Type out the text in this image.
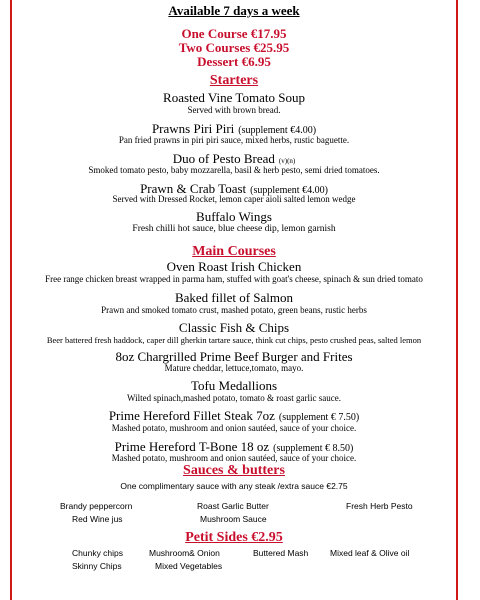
Available 7 days a week
One Course €17.95
Two Courses €25.95
Dessert €6.95
Starters
Roasted Vine Tomato Soup
Served with brown bread.
Prawns Piri Piri (supplement €4.00)
Pan fried prawns in piri piri sauce, mixed herbs, rustic baguette.
Duo of Pesto Bread (v)(n)
Smoked tomato pesto, baby mozzarella, basil & herb pesto, semi dried tomatoes.
Prawn & Crab Toast (supplement €4.00)
Served with Dressed Rocket, lemon caper aioli salted lemon wedge
Buffalo Wings
Fresh chilli hot sauce, blue cheese dip, lemon garnish
Main Courses
Oven Roast Irish Chicken
Free range chicken breast wrapped in parma ham, stuffed with goat's cheese, spinach & sun dried tomato
Baked fillet of Salmon
Prawn and smoked tomato crust, mashed potato, green beans, rustic herbs
Classic Fish & Chips
Beer battered fresh haddock, caper dill gherkin tartare sauce, think cut chips, pesto crushed peas, salted lemon
8oz Chargrilled Prime Beef Burger and Frites
Mature cheddar, lettuce,tomato, mayo.
Tofu Medallions
Wilted spinach,mashed potato, tomato & roast garlic sauce.
Prime Hereford Fillet Steak 7oz (supplement € 7.50)
Mashed potato, mushroom and onion sautéed, sauce of your choice.
Prime Hereford T-Bone 18 oz (supplement € 8.50)
Mashed potato, mushroom and onion sautéed, sauce of your choice.
Sauces & butters
One complimentary sauce with any steak /extra sauce €2.75
Brandy peppercorn
Red Wine jus
Roast Garlic Butter
Mushroom Sauce
Fresh Herb Pesto
Petit Sides €2.95
Chunky chips
Skinny Chips
Mushroom& Onion
Mixed Vegetables
Buttered Mash	Mixed leaf & Olive oil
